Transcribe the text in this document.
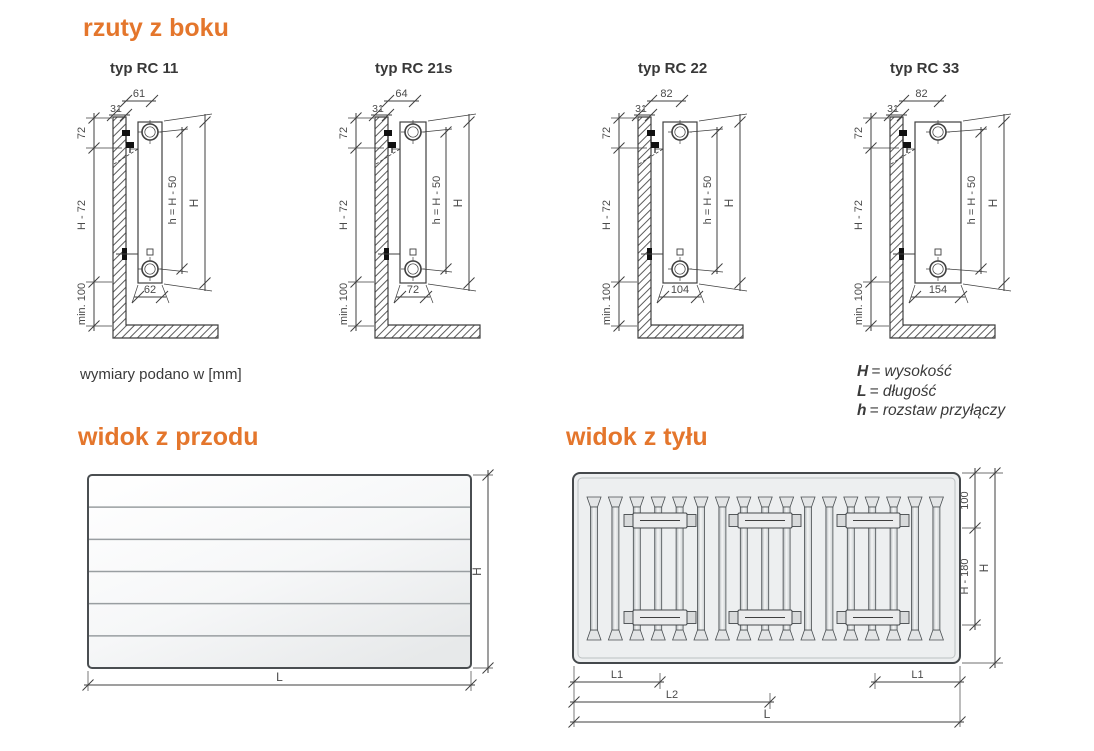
rzuty z boku
typ RC 11	typ RC 21s	typ RC 22	typ RC 33
72
H - 72
min. 100
h = H - 50 H
61
31
62
72
H - 72
min. 100
h = H - 50 H
64
31
72
72
H - 72
min. 100
h = H - 50 H
82
31
104
72
H - 72
min. 100
h = H - 50 H
82
31
154
wymiary podano w [mm]	H = wysokość
L = długość
h = rozstaw przyłączy
widok z przodu	widok z tyłu
L
H
100
H - 180 H
L1	L1
L2
L
